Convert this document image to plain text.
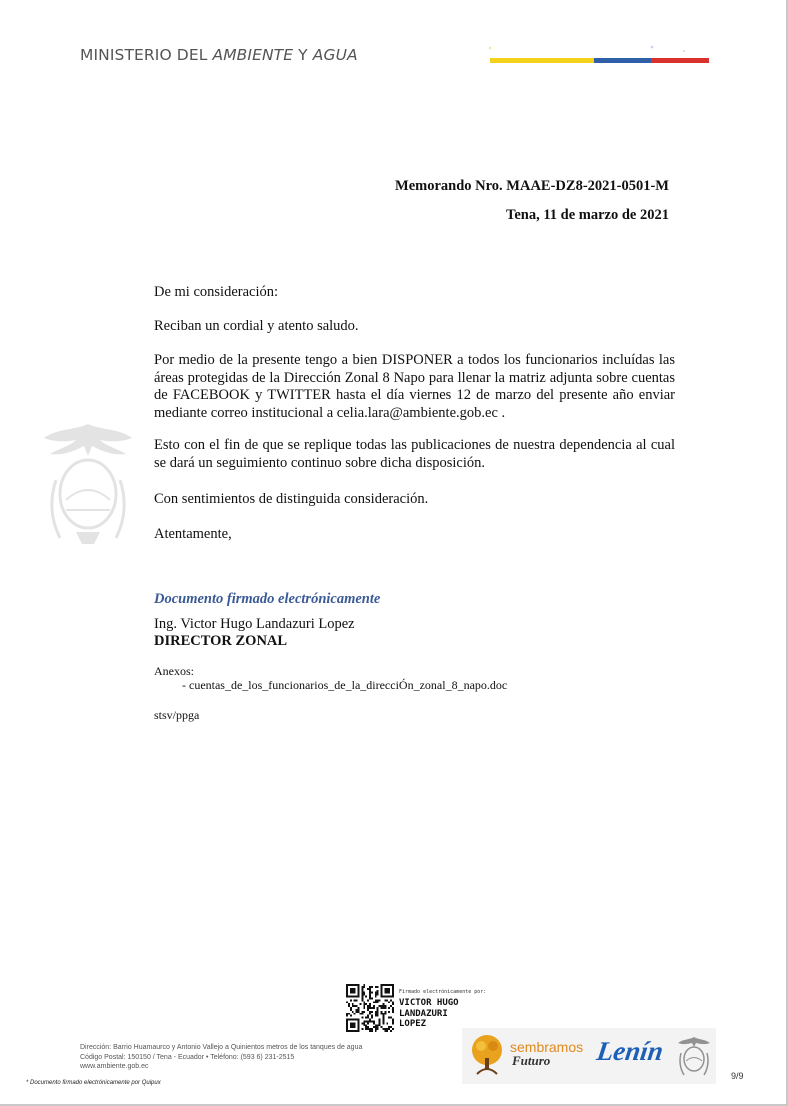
MINISTERIO DEL AMBIENTE Y AGUA
Memorando Nro. MAAE-DZ8-2021-0501-M
Tena, 11 de marzo de 2021
De mi consideración:
Reciban un cordial y atento saludo.
Por medio de la presente tengo a bien DISPONER a todos los funcionarios incluídas las áreas protegidas de la Dirección Zonal 8 Napo para llenar la matriz adjunta sobre cuentas de FACEBOOK y TWITTER hasta el día viernes 12 de marzo del presente año enviar mediante correo institucional a celia.lara@ambiente.gob.ec .
Esto con el fin de que se replique todas las publicaciones de nuestra dependencia al cual se dará un seguimiento continuo sobre dicha disposición.
Con sentimientos de distinguida consideración.
Atentamente,
Documento firmado electrónicamente
Ing. Victor Hugo Landazuri Lopez
DIRECTOR ZONAL
Anexos:
- cuentas_de_los_funcionarios_de_la_direcciÓn_zonal_8_napo.doc
stsv/ppga
Firmado electrónicamente por:
VICTOR HUGO
LANDAZURI
LOPEZ
Dirección: Barrio Huamaurco y Antonio Vallejo a Quinientos metros de los tanques de agua
Código Postal: 150150 / Tena - Ecuador • Teléfono: (593 6) 231-2515
www.ambiente.gob.ec
* Documento firmado electrónicamente por Quipux
sembramos
Futuro Lenín
9/9
